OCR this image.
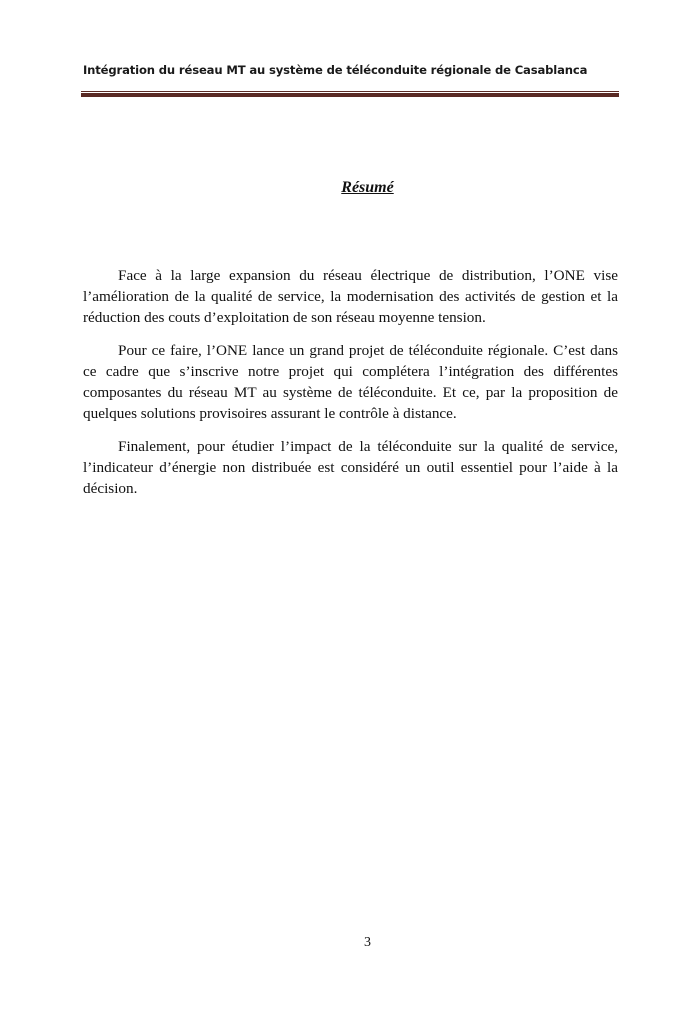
Intégration du réseau MT au système de téléconduite régionale de Casablanca
Résumé

Face à la large expansion du réseau électrique de distribution, l’ONE vise l’amélioration de la qualité de service, la modernisation des activités de gestion et la réduction des couts d’exploitation de son réseau moyenne tension.

Pour ce faire, l’ONE lance un grand projet de téléconduite régionale. C’est dans ce cadre que s’inscrive notre projet qui complétera l’intégration des différentes composantes du réseau MT au système de téléconduite. Et ce, par la proposition de quelques solutions provisoires assurant le contrôle à distance.

Finalement, pour étudier l’impact de la téléconduite sur la qualité de service, l’indicateur d’énergie non distribuée est considéré un outil essentiel pour l’aide à la décision.

3
